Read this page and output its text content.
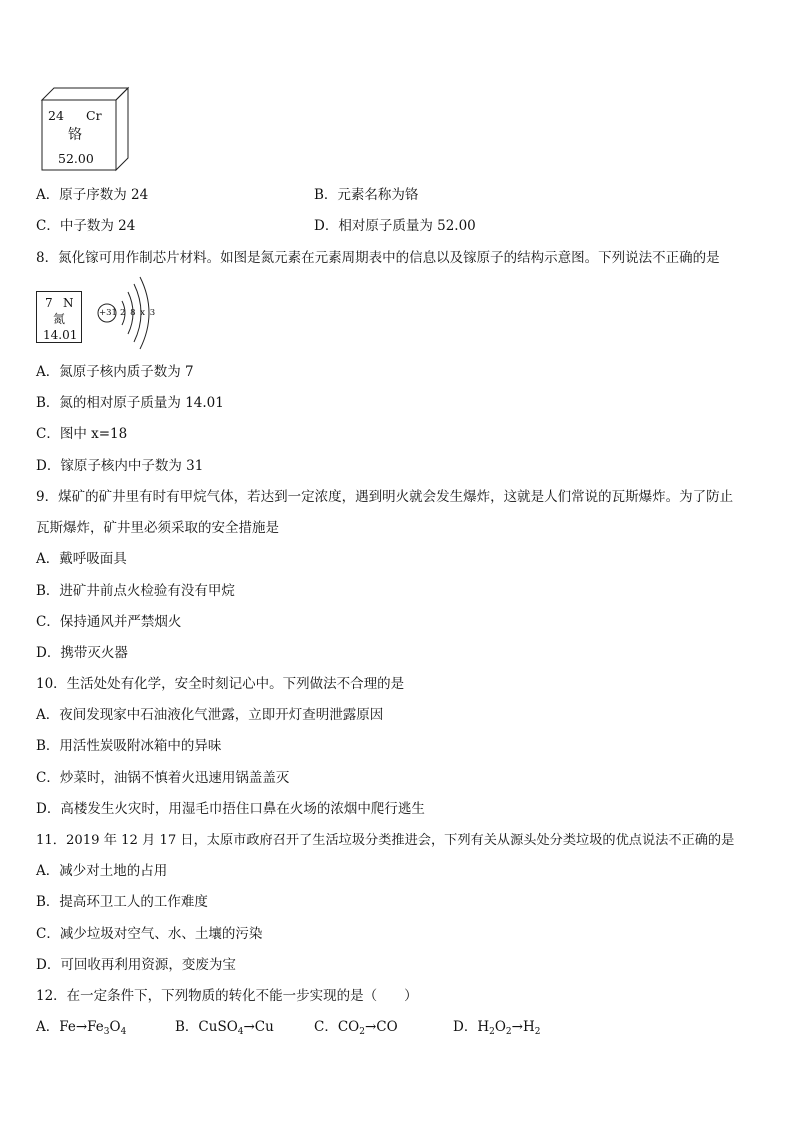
24 Cr
铬
52.00
A．原子序数为 24	B．元素名称为铬
C．中子数为 24	D．相对原子质量为 52.00
8．氮化镓可用作制芯片材料。如图是氮元素在元素周期表中的信息以及镓原子的结构示意图。下列说法不正确的是
7 N
氮
14.01
+31 2 8 x 3
A．氮原子核内质子数为 7
B．氮的相对原子质量为 14.01
C．图中 x=18
D．镓原子核内中子数为 31
9．煤矿的矿井里有时有甲烷气体，若达到一定浓度，遇到明火就会发生爆炸，这就是人们常说的瓦斯爆炸。为了防止
瓦斯爆炸，矿井里必须采取的安全措施是
A．戴呼吸面具
B．进矿井前点火检验有没有甲烷
C．保持通风并严禁烟火
D．携带灭火器
10．生活处处有化学，安全时刻记心中。下列做法不合理的是
A．夜间发现家中石油液化气泄露，立即开灯查明泄露原因
B．用活性炭吸附冰箱中的异味
C．炒菜时，油锅不慎着火迅速用锅盖盖灭
D．高楼发生火灾时，用湿毛巾捂住口鼻在火场的浓烟中爬行逃生
11．2019 年 12 月 17 日，太原市政府召开了生活垃圾分类推进会，下列有关从源头处分类垃圾的优点说法不正确的是
A．减少对土地的占用
B．提高环卫工人的工作难度
C．减少垃圾对空气、水、土壤的污染
D．可回收再利用资源，变废为宝
12．在一定条件下，下列物质的转化不能一步实现的是（　　）
A．$Fe\to Fe_3O_4$	B．CuSO$_4$→Cu	C．$CO_2\to CO$	D．$H_2O_2\to H_2$
